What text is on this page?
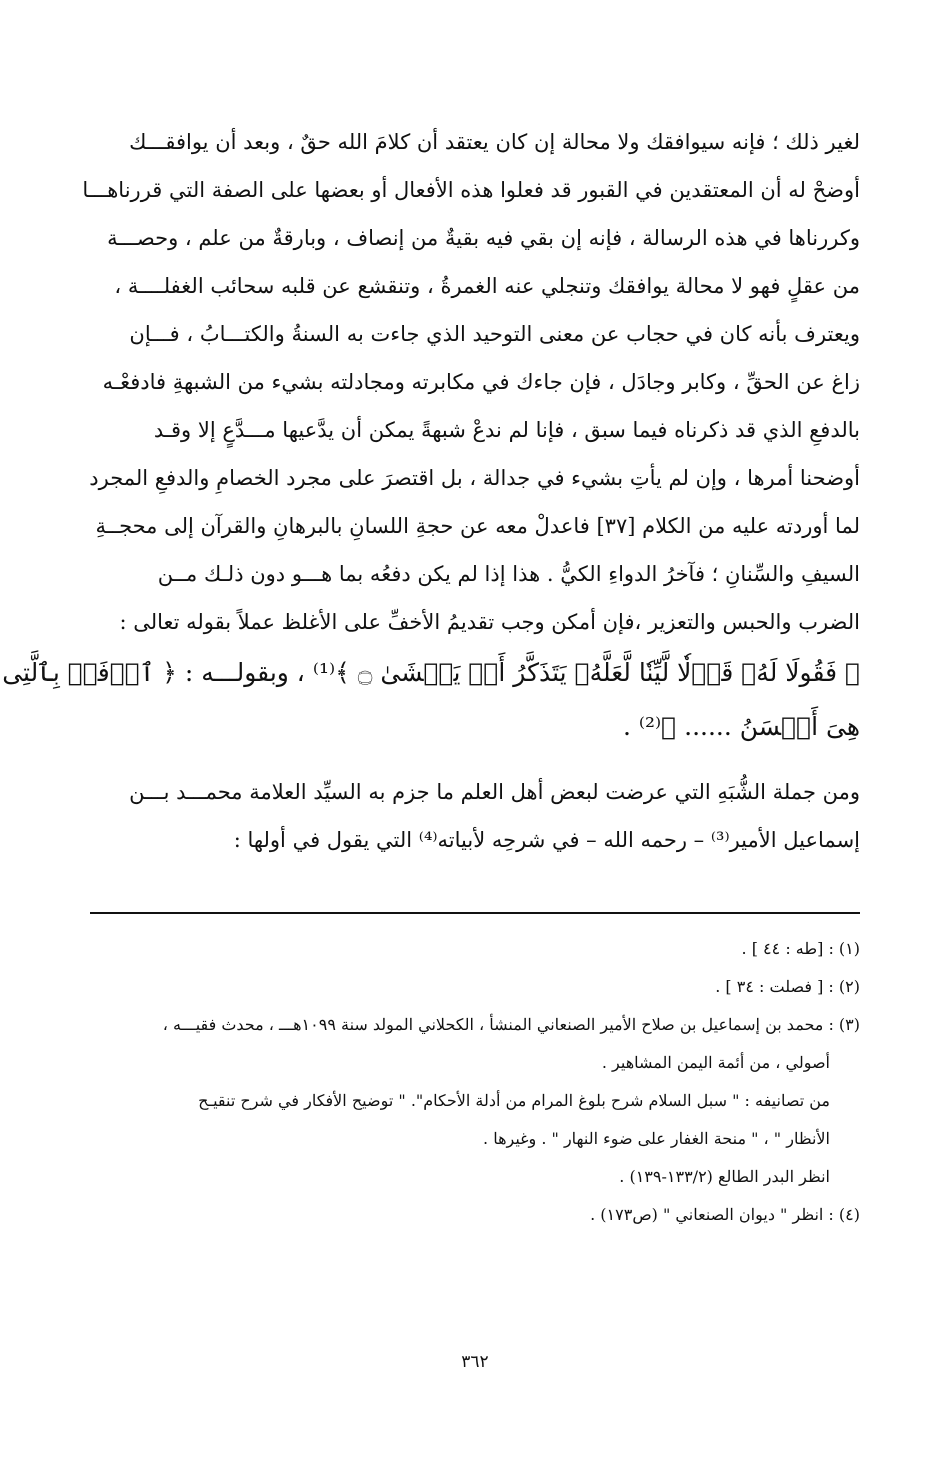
لغير ذلك ؛ فإنه سيوافقك ولا محالة إن كان يعتقد أن كلامَ الله حقٌ ، وبعد أن يوافقـــك
أوضحْ له أن المعتقدين في القبور قد فعلوا هذه الأفعال أو بعضها على الصفة التي قررناهـــا
وكررناها في هذه الرسالة ، فإنه إن بقي فيه بقيةٌ من إنصاف ، وبارقةٌ من علم ، وحصـــة
من عقلٍ فهو لا محالة يوافقك وتنجلي عنه الغمرةُ ، وتنقشع عن قلبه سحائب الغفلــــة ،
ويعترف بأنه كان في حجاب عن معنى التوحيد الذي جاءت به السنةُ والكتـــابُ ، فـــإن
زاغ عن الحقِّ ، وكابر وجادَل ، فإن جاءك في مكابرته ومجادلته بشيء من الشبهةِ فادفعْـه
بالدفعِ الذي قد ذكرناه فيما سبق ، فإنا لم ندعْ شبهةً يمكن أن يدَّعيها مـــدَّعٍ إلا وقـد
أوضحنا أمرها ، وإن لم يأتِ بشيء في جدالة ، بل اقتصرَ على مجرد الخصامِ والدفعِ المجرد
لما أوردته عليه من الكلام [٣٧] فاعدلْ معه عن حجةِ اللسانِ بالبرهانِ والقرآن إلى محجــةِ
السيفِ والسِّنانِ ؛ فآخرُ الدواءِ الكيُّ . هذا إذا لم يكن دفعُه بما هـــو دون ذلـك مــن
الضرب والحبس والتعزير ،فإن أمكن وجب تقديمُ الأخفِّ على الأغلظ عملاً بقوله تعالى :
﴿ فَقُولَا لَهُۥ قَوۡلٗا لَّيِّنٗا لَّعَلَّهُۥ يَتَذَكَّرُ أَوۡ يَخۡشَىٰ ۝ ﴾⁽¹⁾ ، وبقولـــه : ﴿ ٱدۡفَعۡ بِٱلَّتِى
هِىَ أَحۡسَنُ ...... ﴾⁽²⁾ .
ومن جملة الشُّبَهِ التي عرضت لبعض أهل العلم ما جزم به السيِّد العلامة محمـــد بـــن
إسماعيل الأمير⁽³⁾ – رحمه الله – في شرحِه لأبياته⁽⁴⁾ التي يقول في أولها :
(١) : [طه : ٤٤ ] .
(٢) : [ فصلت : ٣٤ ] .
(٣) : محمد بن إسماعيل بن صلاح الأمير الصنعاني المنشأ ، الكحلاني المولد سنة ١٠٩٩هـــ ، محدث فقيـــه ،
أصولي ، من أئمة اليمن المشاهير .
من تصانيفه : " سبل السلام شرح بلوغ المرام من أدلة الأحكام". " توضيح الأفكار في شرح تنقيـح
الأنظار " ، " منحة الغفار على ضوء النهار " . وغيرها .
انظر البدر الطالع (١٣٣/٢-١٣٩) .
(٤) : انظر " ديوان الصنعاني " (ص١٧٣) .
٣٦٢
